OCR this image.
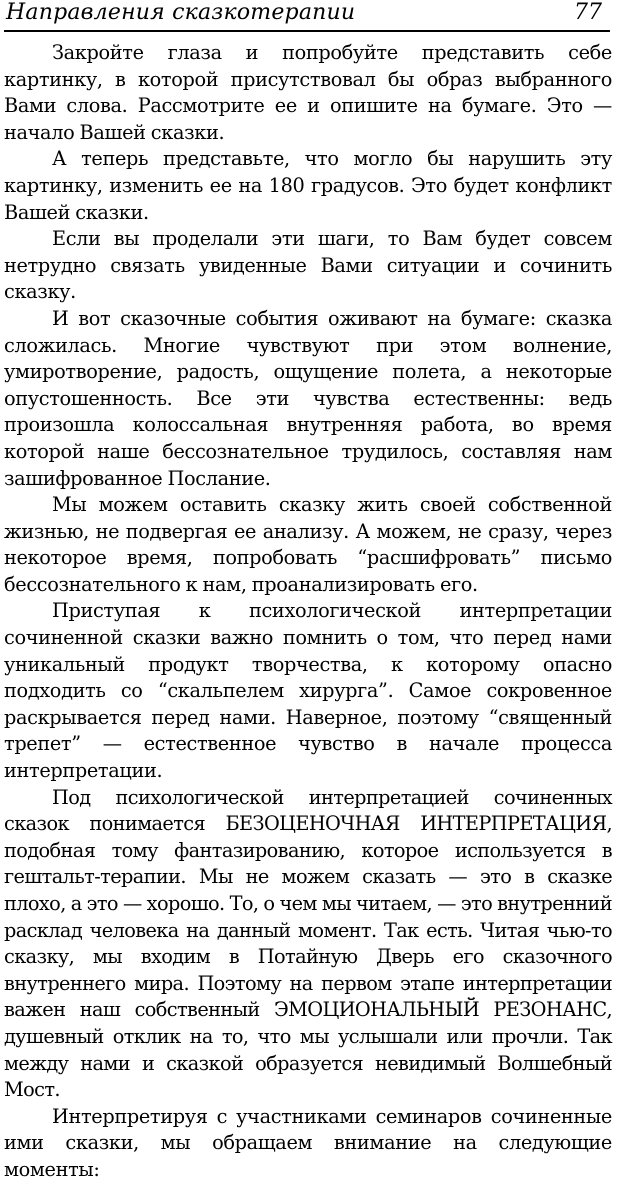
Направления сказкотерапии	77

Закройте глаза и попробуйте представить себе картинку, в которой присутствовал бы образ выбранного Вами слова. Рассмотрите ее и опишите на бумаге. Это — начало Вашей сказки.

А теперь представьте, что могло бы нарушить эту картинку, изменить ее на 180 градусов. Это будет конфликт Вашей сказки.

Если вы проделали эти шаги, то Вам будет совсем нетрудно связать увиденные Вами ситуации и сочинить сказку.

И вот сказочные события оживают на бумаге: сказка сложилась. Многие чувствуют при этом волнение, умиротворение, радость, ощущение полета, а некоторые опустошенность. Все эти чувства естественны: ведь произошла колоссальная внутренняя работа, во время которой наше бессознательное трудилось, составляя нам зашифрованное Послание.

Мы можем оставить сказку жить своей собственной жизнью, не подвергая ее анализу. А можем, не сразу, через некоторое время, попробовать “расшифровать” письмо бессознательного к нам, проанализировать его.

Приступая к психологической интерпретации сочиненной сказки важно помнить о том, что перед нами уникальный продукт творчества, к которому опасно подходить со “скальпелем хирурга”. Самое сокровенное раскрывается перед нами. Наверное, поэтому “священный трепет” — естественное чувство в начале процесса интерпретации.

Под психологической интерпретацией сочиненных сказок понимается БЕЗОЦЕНОЧНАЯ ИНТЕРПРЕТАЦИЯ, подобная тому фантазированию, которое используется в гештальт-терапии. Мы не можем сказать — это в сказке плохо, а это — хорошо. То, о чем мы читаем, — это внутренний расклад человека на данный момент. Так есть. Читая чью-то сказку, мы входим в Потайную Дверь его сказочного внутреннего мира. Поэтому на первом этапе интерпретации важен наш собственный ЭМОЦИОНАЛЬНЫЙ РЕЗОНАНС, душевный отклик на то, что мы услышали или прочли. Так между нами и сказкой образуется невидимый Волшебный Мост.

Интерпретируя с участниками семинаров сочиненные ими сказки, мы обращаем внимание на следующие моменты:
